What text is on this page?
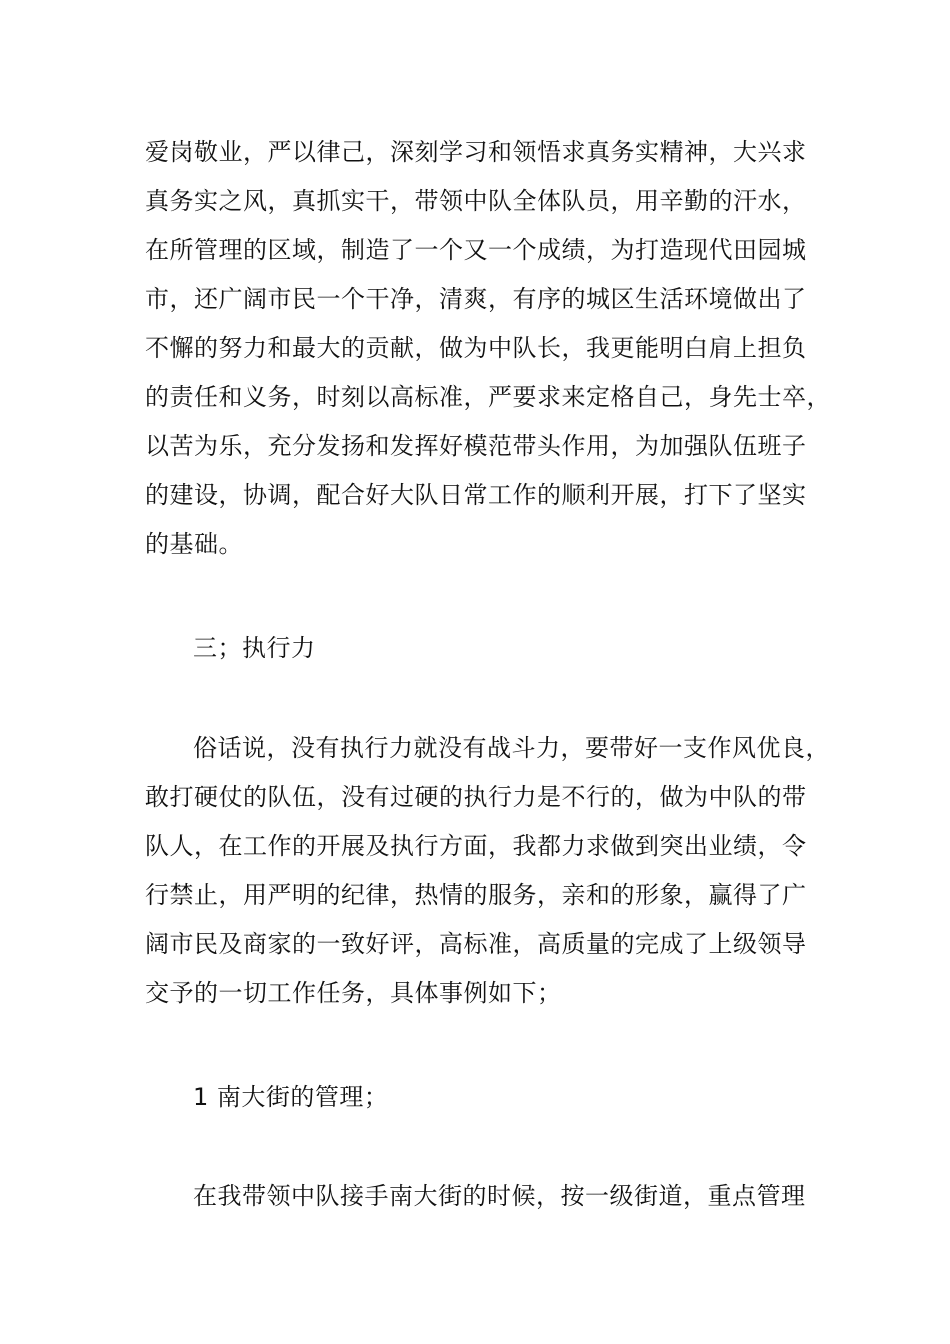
爱岗敬业，严以律己，深刻学习和领悟求真务实精神，大兴求
真务实之风，真抓实干，带领中队全体队员，用辛勤的汗水，
在所管理的区域，制造了一个又一个成绩，为打造现代田园城
市，还广阔市民一个干净，清爽，有序的城区生活环境做出了
不懈的努力和最大的贡献，做为中队长，我更能明白肩上担负
的责任和义务，时刻以高标准，严要求来定格自己，身先士卒，
以苦为乐，充分发扬和发挥好模范带头作用，为加强队伍班子
的建设，协调，配合好大队日常工作的顺利开展，打下了坚实
的基础。
三；执行力
俗话说，没有执行力就没有战斗力，要带好一支作风优良，
敢打硬仗的队伍，没有过硬的执行力是不行的，做为中队的带
队人，在工作的开展及执行方面，我都力求做到突出业绩，令
行禁止，用严明的纪律，热情的服务，亲和的形象，赢得了广
阔市民及商家的一致好评，高标准，高质量的完成了上级领导
交予的一切工作任务，具体事例如下；
1 南大街的管理；
在我带领中队接手南大街的时候，按一级街道，重点管理
